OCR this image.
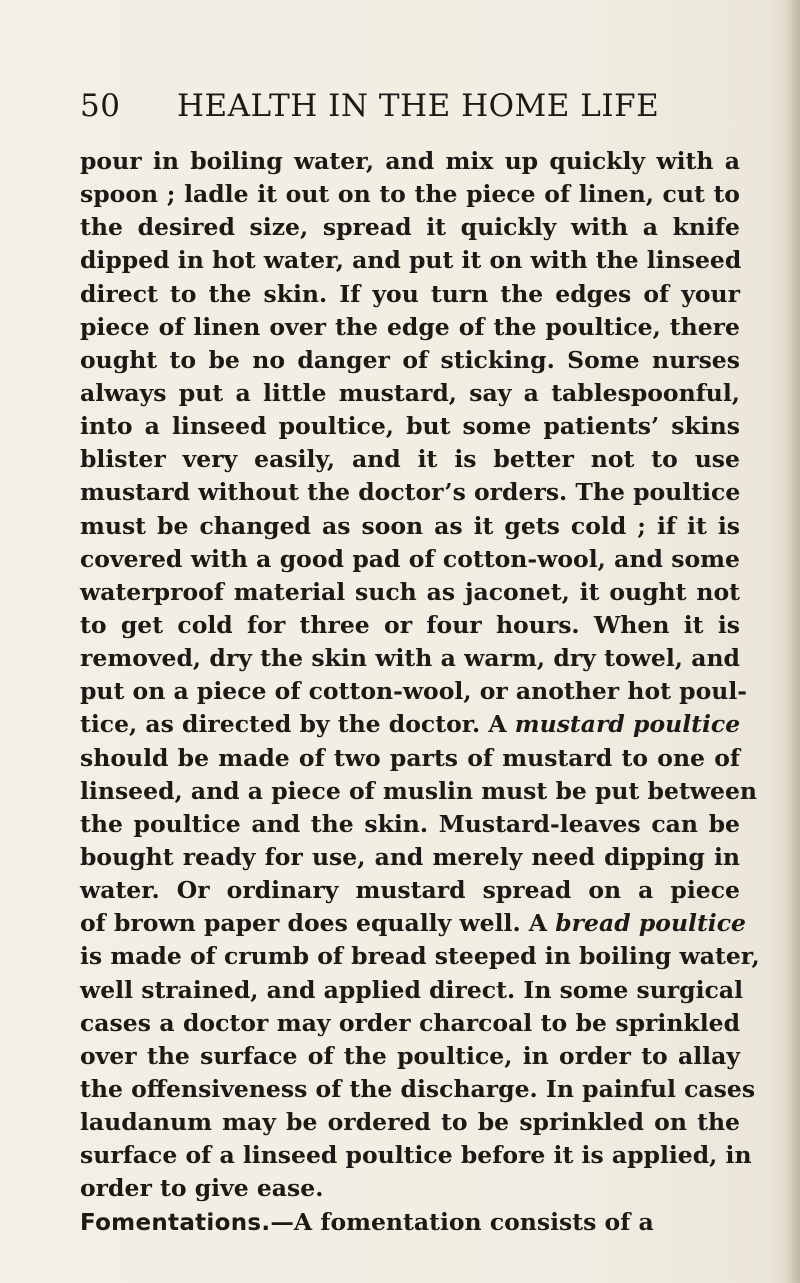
50 HEALTH IN THE HOME LIFE
pour in boiling water, and mix up quickly with a
spoon ; ladle it out on to the piece of linen, cut to
the desired size, spread it quickly with a knife
dipped in hot water, and put it on with the linseed
direct to the skin. If you turn the edges of your
piece of linen over the edge of the poultice, there
ought to be no danger of sticking. Some nurses
always put a little mustard, say a tablespoonful,
into a linseed poultice, but some patients’ skins
blister very easily, and it is better not to use
mustard without the doctor’s orders. The poultice
must be changed as soon as it gets cold ; if it is
covered with a good pad of cotton-wool, and some
waterproof material such as jaconet, it ought not
to get cold for three or four hours. When it is
removed, dry the skin with a warm, dry towel, and
put on a piece of cotton-wool, or another hot poul-
tice, as directed by the doctor. A mustard poultice
should be made of two parts of mustard to one of
linseed, and a piece of muslin must be put between
the poultice and the skin. Mustard-leaves can be
bought ready for use, and merely need dipping in
water. Or ordinary mustard spread on a piece
of brown paper does equally well. A bread poultice
is made of crumb of bread steeped in boiling water,
well strained, and applied direct. In some surgical
cases a doctor may order charcoal to be sprinkled
over the surface of the poultice, in order to allay
the offensiveness of the discharge. In painful cases
laudanum may be ordered to be sprinkled on the
surface of a linseed poultice before it is applied, in
order to give ease.
Fomentations.—A fomentation consists of a
